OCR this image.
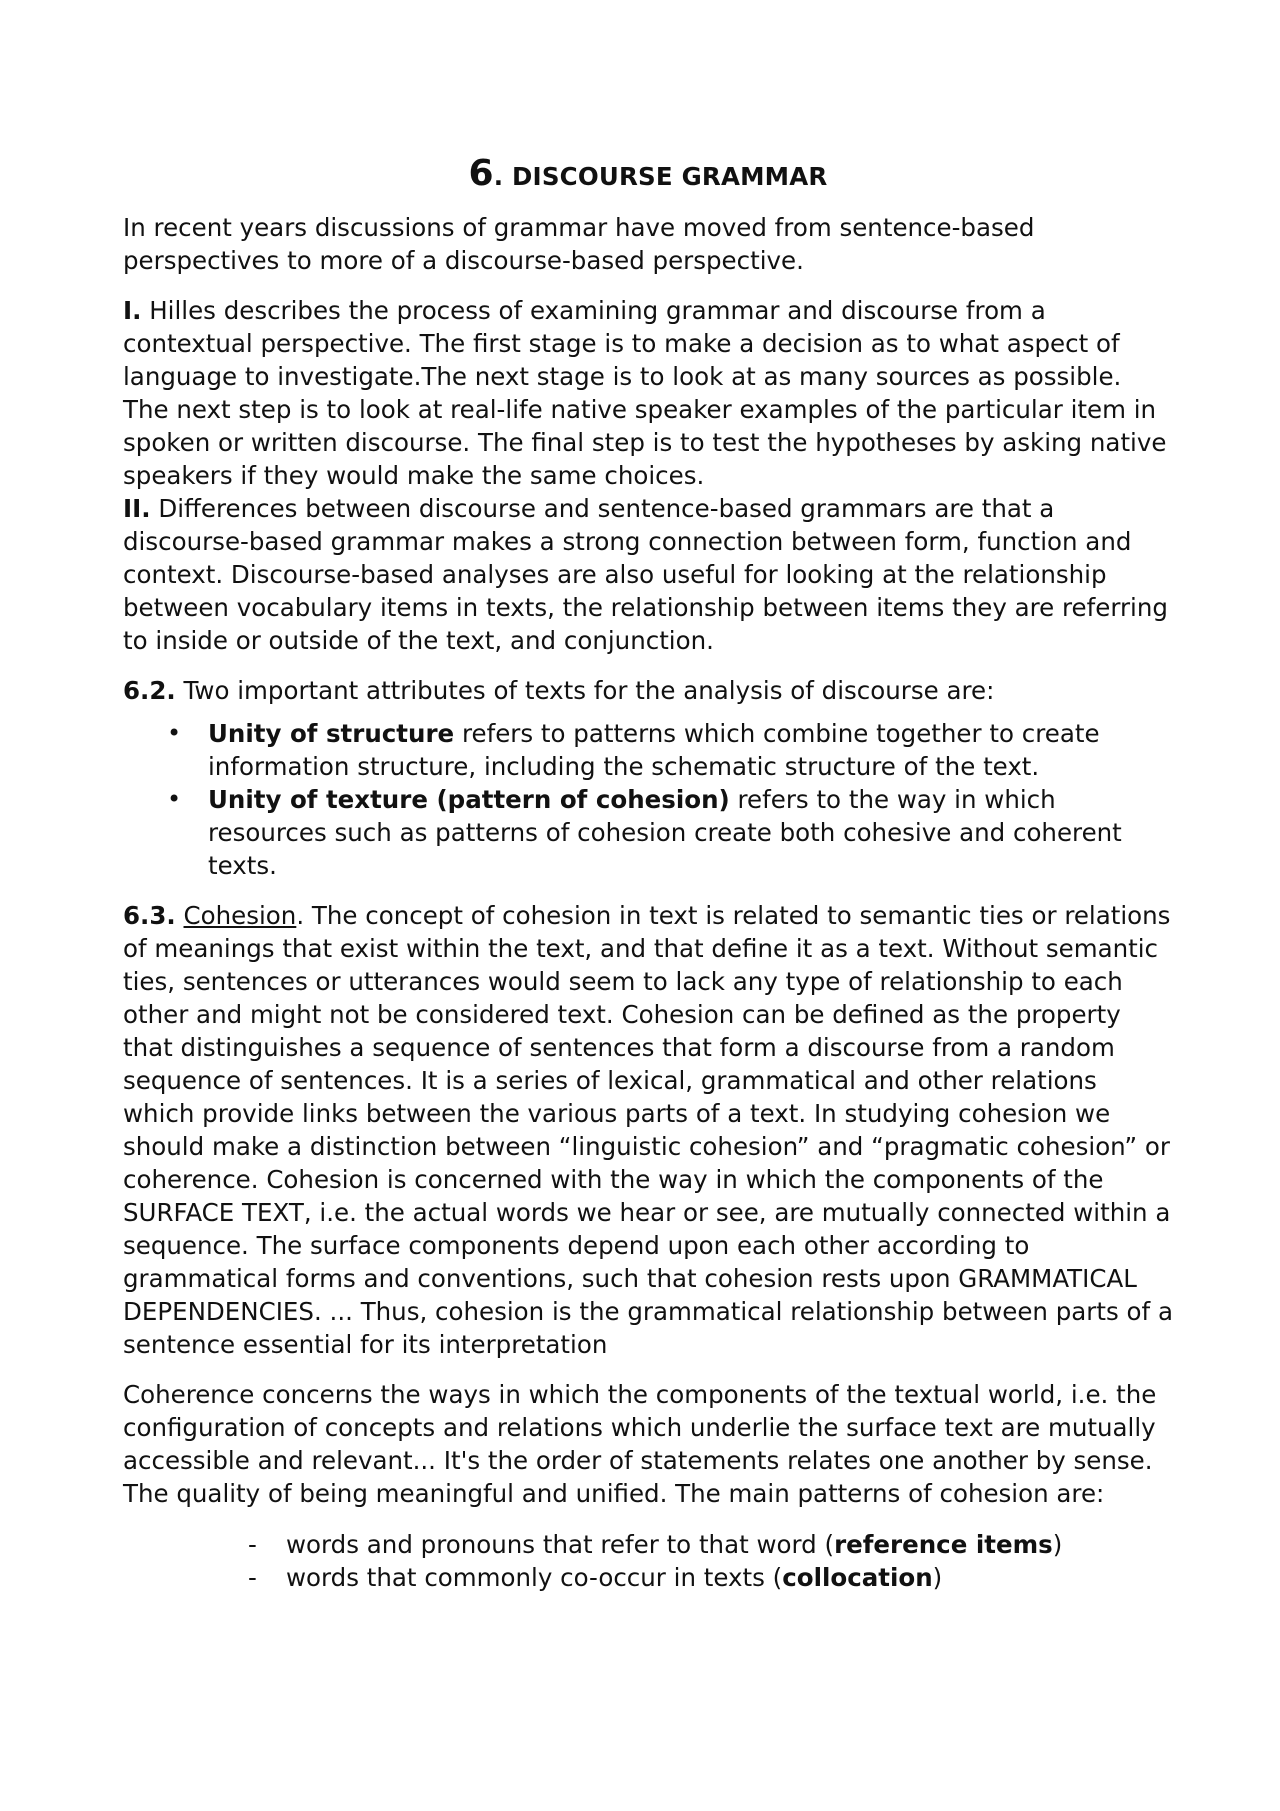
6. DISCOURSE GRAMMAR

In recent years discussions of grammar have moved from sentence-based perspectives to more of a discourse-based perspective.

I. Hilles describes the process of examining grammar and discourse from a contextual perspective. The first stage is to make a decision as to what aspect of language to investigate.The next stage is to look at as many sources as possible. The next step is to look at real-life native speaker examples of the particular item in spoken or written discourse. The final step is to test the hypotheses by asking native speakers if they would make the same choices.

II. Differences between discourse and sentence-based grammars are that a discourse-based grammar makes a strong connection between form, function and context. Discourse-based analyses are also useful for looking at the relationship between vocabulary items in texts, the relationship between items they are referring to inside or outside of the text, and conjunction.

6.2. Two important attributes of texts for the analysis of discourse are:

• Unity of structure refers to patterns which combine together to create information structure, including the schematic structure of the text.
• Unity of texture (pattern of cohesion) refers to the way in which resources such as patterns of cohesion create both cohesive and coherent texts.

6.3. Cohesion. The concept of cohesion in text is related to semantic ties or relations of meanings that exist within the text, and that define it as a text. Without semantic ties, sentences or utterances would seem to lack any type of relationship to each other and might not be considered text. Cohesion can be defined as the property that distinguishes a sequence of sentences that form a discourse from a random sequence of sentences. It is a series of lexical, grammatical and other relations which provide links between the various parts of a text. In studying cohesion we should make a distinction between “linguistic cohesion” and “pragmatic cohesion” or coherence. Cohesion is concerned with the way in which the components of the SURFACE TEXT, i.e. the actual words we hear or see, are mutually connected within a sequence. The surface components depend upon each other according to grammatical forms and conventions, such that cohesion rests upon GRAMMATICAL DEPENDENCIES. ... Thus, cohesion is the grammatical relationship between parts of a sentence essential for its interpretation

Coherence concerns the ways in which the components of the textual world, i.e. the configuration of concepts and relations which underlie the surface text are mutually accessible and relevant... It's the order of statements relates one another by sense. The quality of being meaningful and unified. The main patterns of cohesion are:

- words and pronouns that refer to that word (reference items)
- words that commonly co-occur in texts (collocation)
